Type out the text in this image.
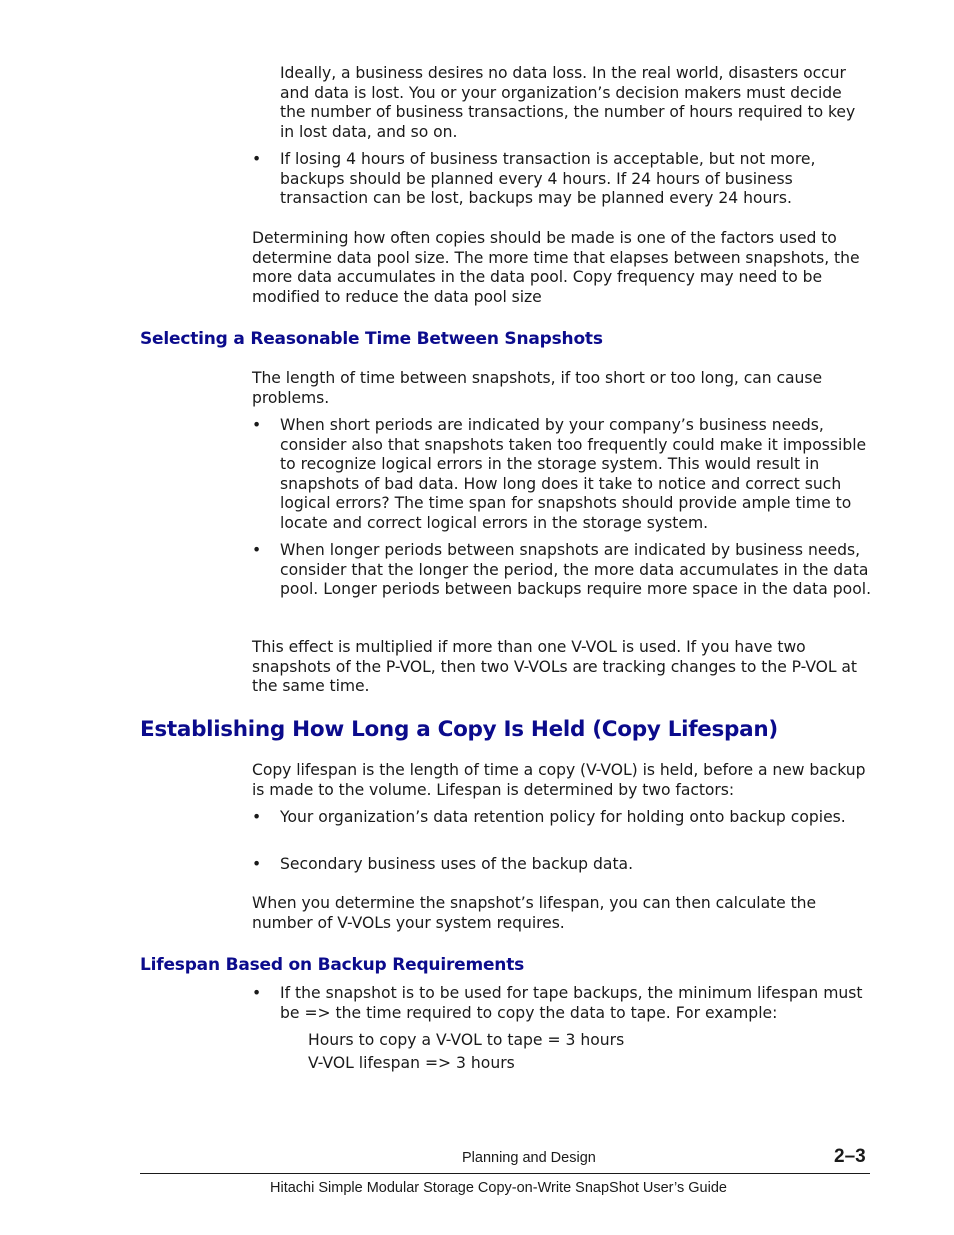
Ideally, a business desires no data loss. In the real world, disasters occur and data is lost. You or your organization’s decision makers must decide the number of business transactions, the number of hours required to key in lost data, and so on.

•	If losing 4 hours of business transaction is acceptable, but not more, backups should be planned every 4 hours. If 24 hours of business transaction can be lost, backups may be planned every 24 hours.

Determining how often copies should be made is one of the factors used to determine data pool size. The more time that elapses between snapshots, the more data accumulates in the data pool. Copy frequency may need to be modified to reduce the data pool size

Selecting a Reasonable Time Between Snapshots

The length of time between snapshots, if too short or too long, can cause problems.

•	When short periods are indicated by your company’s business needs, consider also that snapshots taken too frequently could make it impossible to recognize logical errors in the storage system. This would result in snapshots of bad data. How long does it take to notice and correct such logical errors? The time span for snapshots should provide ample time to locate and correct logical errors in the storage system.
•	When longer periods between snapshots are indicated by business needs, consider that the longer the period, the more data accumulates in the data pool. Longer periods between backups require more space in the data pool.

This effect is multiplied if more than one V-VOL is used. If you have two snapshots of the P-VOL, then two V-VOLs are tracking changes to the P-VOL at the same time.

Establishing How Long a Copy Is Held (Copy Lifespan)

Copy lifespan is the length of time a copy (V-VOL) is held, before a new backup is made to the volume. Lifespan is determined by two factors:

•	Your organization’s data retention policy for holding onto backup copies.
•	Secondary business uses of the backup data.

When you determine the snapshot’s lifespan, you can then calculate the number of V-VOLs your system requires.

Lifespan Based on Backup Requirements
•	If the snapshot is to be used for tape backups, the minimum lifespan must be => the time required to copy the data to tape. For example:
Hours to copy a V-VOL to tape = 3 hours
V-VOL lifespan => 3 hours
Planning and Design	2–3
Hitachi Simple Modular Storage Copy-on-Write SnapShot User’s Guide
